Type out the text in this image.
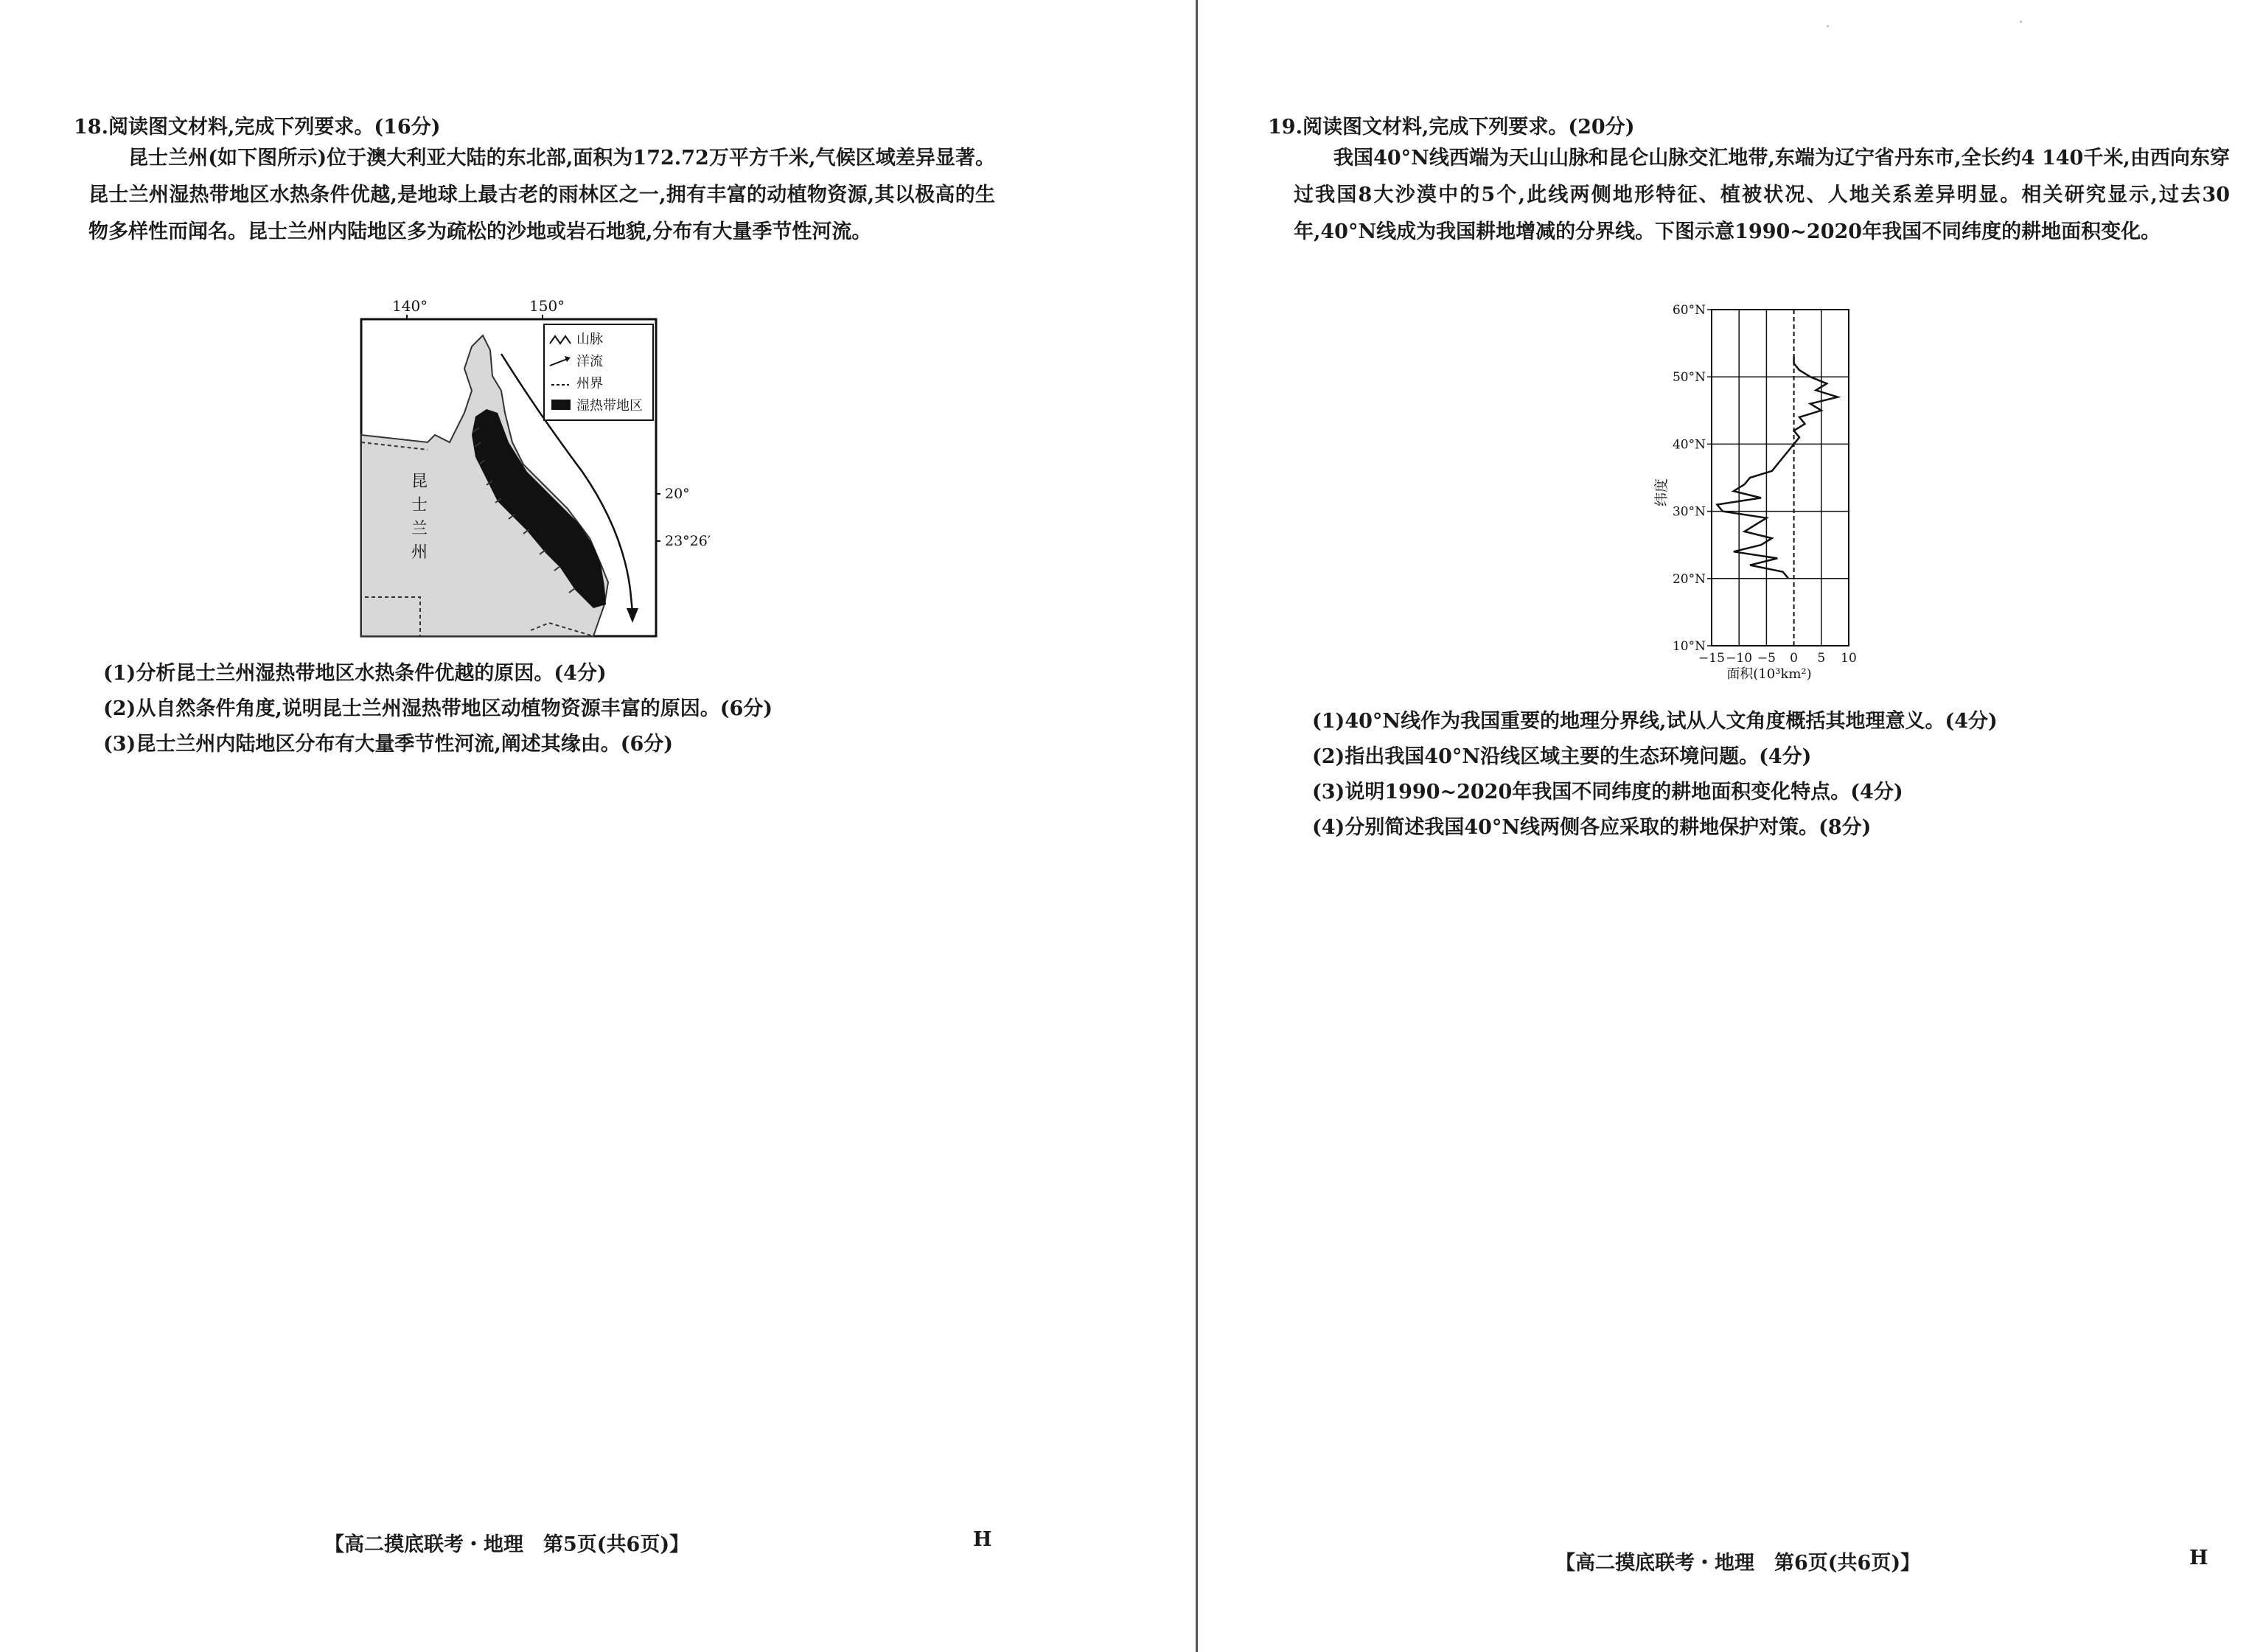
18.阅读图文材料,完成下列要求。(16分)
昆士兰州(如下图所示)位于澳大利亚大陆的东北部,面积为172.72万平方千米,气候区域差异显著。昆士兰州湿热带地区水热条件优越,是地球上最古老的雨林区之一,拥有丰富的动植物资源,其以极高的生物多样性而闻名。昆士兰州内陆地区多为疏松的沙地或岩石地貌,分布有大量季节性河流。
140°	150°
昆
士
兰
州
山脉
洋流
州界
湿热带地区
20°
23°26′
(1)分析昆士兰州湿热带地区水热条件优越的原因。(4分)
(2)从自然条件角度,说明昆士兰州湿热带地区动植物资源丰富的原因。(6分)
(3)昆士兰州内陆地区分布有大量季节性河流,阐述其缘由。(6分)
【高二摸底联考・地理　第5页(共6页)】	H
19.阅读图文材料,完成下列要求。(20分)
我国40°N线西端为天山山脉和昆仑山脉交汇地带,东端为辽宁省丹东市,全长约4 140千米,由西向东穿过我国8大沙漠中的5个,此线两侧地形特征、植被状况、人地关系差异明显。相关研究显示,过去30年,40°N线成为我国耕地增减的分界线。下图示意1990~2020年我国不同纬度的耕地面积变化。
−15 −10 −5 0 5 10
10°N
20°N
30°N
40°N
50°N
60°N
纬度
面积(10³km²)
(1)40°N线作为我国重要的地理分界线,试从人文角度概括其地理意义。(4分)
(2)指出我国40°N沿线区域主要的生态环境问题。(4分)
(3)说明1990~2020年我国不同纬度的耕地面积变化特点。(4分)
(4)分别简述我国40°N线两侧各应采取的耕地保护对策。(8分)
【高二摸底联考・地理　第6页(共6页)】	H
